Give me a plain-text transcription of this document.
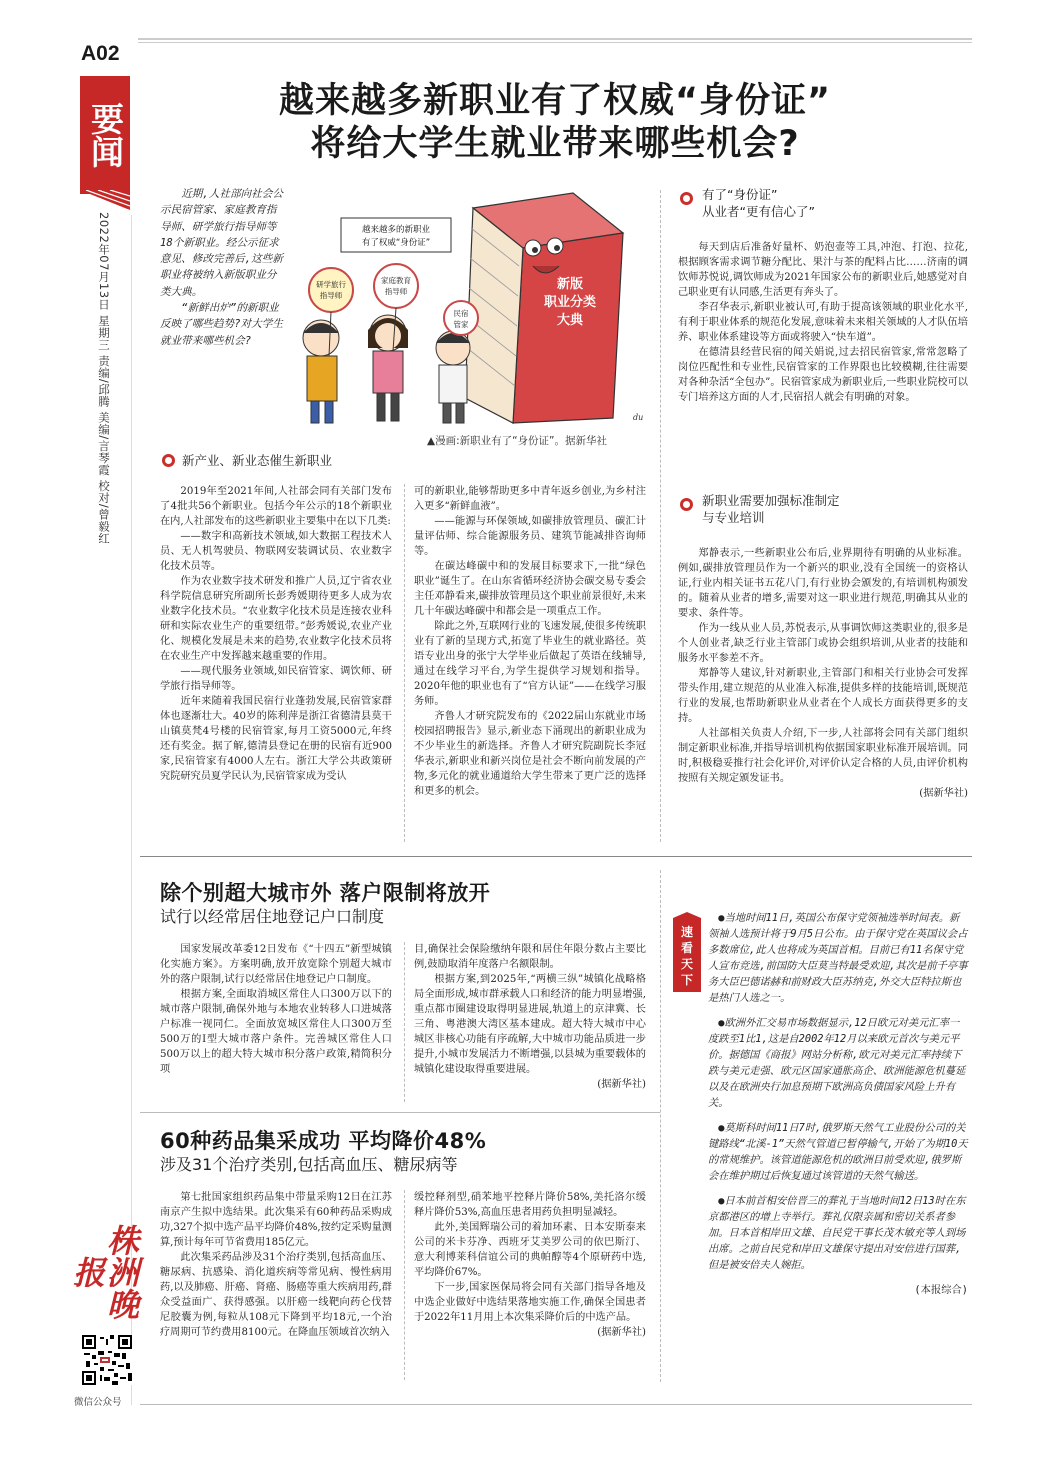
A02
要闻
2022年07月13日 星期三 责编/邱腾 美编/言琴霞 校对/曾毅红
株洲晚报
微信公众号
越来越多新职业有了权威“身份证”
将给大学生就业带来哪些机会?

近期,人社部向社会公示民宿管家、家庭教育指导师、研学旅行指导师等18个新职业。经公示征求意见、修改完善后,这些新职业将被纳入新版职业分类大典。

“新鲜出炉”的新职业反映了哪些趋势?对大学生就业带来哪些机会?

新版
职业分类
大典
越来越多的新职业
有了权威“身份证”
研学旅行
指导师
家庭教育
指导师
民宿
管家
du
▲漫画:新职业有了“身份证”。据新华社
新产业、新业态催生新职业

2019年至2021年间,人社部会同有关部门发布了4批共56个新职业。包括今年公示的18个新职业在内,人社部发布的这些新职业主要集中在以下几类:

——数字和高新技术领域,如大数据工程技术人员、无人机驾驶员、物联网安装调试员、农业数字化技术员等。

作为农业数字技术研发和推广人员,辽宁省农业科学院信息研究所副所长彭秀媛期待更多人成为农业数字化技术员。“农业数字化技术员是连接农业科研和实际农业生产的重要纽带。”彭秀媛说,农业产业化、规模化发展是未来的趋势,农业数字化技术员将在农业生产中发挥越来越重要的作用。

——现代服务业领域,如民宿管家、调饮师、研学旅行指导师等。

近年来随着我国民宿行业蓬勃发展,民宿管家群体也逐渐壮大。40岁的陈利萍是浙江省德清县莫干山镇莫梵4号楼的民宿管家,每月工资5000元,年终还有奖金。据了解,德清县登记在册的民宿有近900家,民宿管家有4000人左右。浙江大学公共政策研究院研究员夏学民认为,民宿管家成为受认

可的新职业,能够帮助更多中青年返乡创业,为乡村注入更多“新鲜血液”。

——能源与环保领域,如碳排放管理员、碳汇计量评估师、综合能源服务员、建筑节能减排咨询师等。

在碳达峰碳中和的发展目标要求下,一批“绿色职业”诞生了。在山东省循环经济协会碳交易专委会主任邓静看来,碳排放管理员这个职业前景很好,未来几十年碳达峰碳中和都会是一项重点工作。

除此之外,互联网行业的飞速发展,使很多传统职业有了新的呈现方式,拓宽了毕业生的就业路径。英语专业出身的张宁大学毕业后做起了英语在线辅导,通过在线学习平台,为学生提供学习规划和指导。2020年他的职业也有了“官方认证”——在线学习服务师。

齐鲁人才研究院发布的《2022届山东就业市场校园招聘报告》显示,新业态下涌现出的新职业成为不少毕业生的新选择。齐鲁人才研究院副院长李冠华表示,新职业和新兴岗位是社会不断向前发展的产物,多元化的就业通道给大学生带来了更广泛的选择和更多的机会。

有了“身份证”
从业者“更有信心了”

每天到店后准备好量杯、奶泡壶等工具,冲泡、打泡、拉花,根据顾客需求调节糖分配比、果汁与茶的配料占比……济南的调饮师苏悦说,调饮师成为2021年国家公布的新职业后,她感觉对自己职业更有认同感,生活更有奔头了。

李召华表示,新职业被认可,有助于提高该领域的职业化水平,有利于职业体系的规范化发展,意味着未来相关领域的人才队伍培养、职业体系建设等方面或将驶入“快车道”。

在德清县经营民宿的闻关娟说,过去招民宿管家,常常忽略了岗位匹配性和专业性,民宿管家的工作界限也比较模糊,往往需要对各种杂活“全包办”。民宿管家成为新职业后,一些职业院校可以专门培养这方面的人才,民宿招人就会有明确的对象。

新职业需要加强标准制定
与专业培训

郑静表示,一些新职业公布后,业界期待有明确的从业标准。例如,碳排放管理员作为一个新兴的职业,没有全国统一的资格认证,行业内相关证书五花八门,有行业协会颁发的,有培训机构颁发的。随着从业者的增多,需要对这一职业进行规范,明确其从业的要求、条件等。

作为一线从业人员,苏悦表示,从事调饮师这类职业的,很多是个人创业者,缺乏行业主管部门或协会组织培训,从业者的技能和服务水平参差不齐。

郑静等人建议,针对新职业,主管部门和相关行业协会可发挥带头作用,建立规范的从业准入标准,提供多样的技能培训,既规范行业的发展,也帮助新职业从业者在个人成长方面获得更多的支持。

人社部相关负责人介绍,下一步,人社部将会同有关部门组织制定新职业标准,并指导培训机构依据国家职业标准开展培训。同时,积极稳妥推行社会化评价,对评价认定合格的人员,由评价机构按照有关规定颁发证书。

(据新华社)
除个别超大城市外 落户限制将放开
试行以经常居住地登记户口制度

国家发展改革委12日发布《“十四五”新型城镇化实施方案》。方案明确,放开放宽除个别超大城市外的落户限制,试行以经常居住地登记户口制度。

根据方案,全面取消城区常住人口300万以下的城市落户限制,确保外地与本地农业转移人口进城落户标准一视同仁。全面放宽城区常住人口300万至500万的Ⅰ型大城市落户条件。完善城区常住人口500万以上的超大特大城市积分落户政策,精简积分项

目,确保社会保险缴纳年限和居住年限分数占主要比例,鼓励取消年度落户名额限制。

根据方案,到2025年,“两横三纵”城镇化战略格局全面形成,城市群承载人口和经济的能力明显增强,重点都市圈建设取得明显进展,轨道上的京津冀、长三角、粤港澳大湾区基本建成。超大特大城市中心城区非核心功能有序疏解,大中城市功能品质进一步提升,小城市发展活力不断增强,以县城为重要载体的城镇化建设取得重要进展。

(据新华社)
60种药品集采成功 平均降价48%
涉及31个治疗类别,包括高血压、糖尿病等

第七批国家组织药品集中带量采购12日在江苏南京产生拟中选结果。此次集采有60种药品采购成功,327个拟中选产品平均降价48%,按约定采购量测算,预计每年可节省费用185亿元。

此次集采药品涉及31个治疗类别,包括高血压、糖尿病、抗感染、消化道疾病等常见病、慢性病用药,以及肺癌、肝癌、肾癌、肠癌等重大疾病用药,群众受益面广、获得感强。以肝癌一线靶向药仑伐替尼胶囊为例,每粒从108元下降到平均18元,一个治疗周期可节约费用8100元。在降血压领域首次纳入

缓控释剂型,硝苯地平控释片降价58%,美托洛尔缓释片降价53%,高血压患者用药负担明显减轻。

此外,美国辉瑞公司的着加环素、日本安斯泰来公司的米卡芬净、西班牙艾美罗公司的依巴斯汀、意大利博莱科信谊公司的典帕醇等4个原研药中选,平均降价67%。

下一步,国家医保局将会同有关部门指导各地及中选企业做好中选结果落地实施工作,确保全国患者于2022年11月用上本次集采降价后的中选产品。

(据新华社)
速
看
天
下

●当地时间11日,英国公布保守党领袖选举时间表。新领袖人选预计将于9月5日公布。由于保守党在英国议会占多数席位,此人也将成为英国首相。目前已有11名保守党人宣布竞选,前国防大臣莫当特最受欢迎,其次是前千亭事务大臣巴德诺赫和前财政大臣苏纳克,外交大臣特拉斯也是热门人选之一。

●欧洲外汇交易市场数据显示,12日欧元对美元汇率一度跌至1比1,这是自2002年12月以来欧元首次与美元平价。据德国《商报》网站分析称,欧元对美元汇率持续下跌与美元走强、欧元区国家通胀高企、欧洲能源危机蔓延以及在欧洲央行加息预期下欧洲高负债国家风险上升有关。

●莫斯科时间11日7时,俄罗斯天然气工业股份公司的关键路线“北溪-1”天然气管道已暂停输气,开始了为期10天的常规维护。该管道能源危机的欧洲目前受欢迎,俄罗斯会在维护期过后恢复通过该管道的天然气输送。

●日本前首相安倍晋三的葬礼于当地时间12日13时在东京都港区的增上寺举行。葬礼仅限亲属和密切关系者参加。日本首相岸田文雄、自民党干事长茂木敏充等人到场出席。之前自民党和岸田文雄保守提出对安倍进行国葬,但是被安倍夫人婉拒。

(本报综合)
